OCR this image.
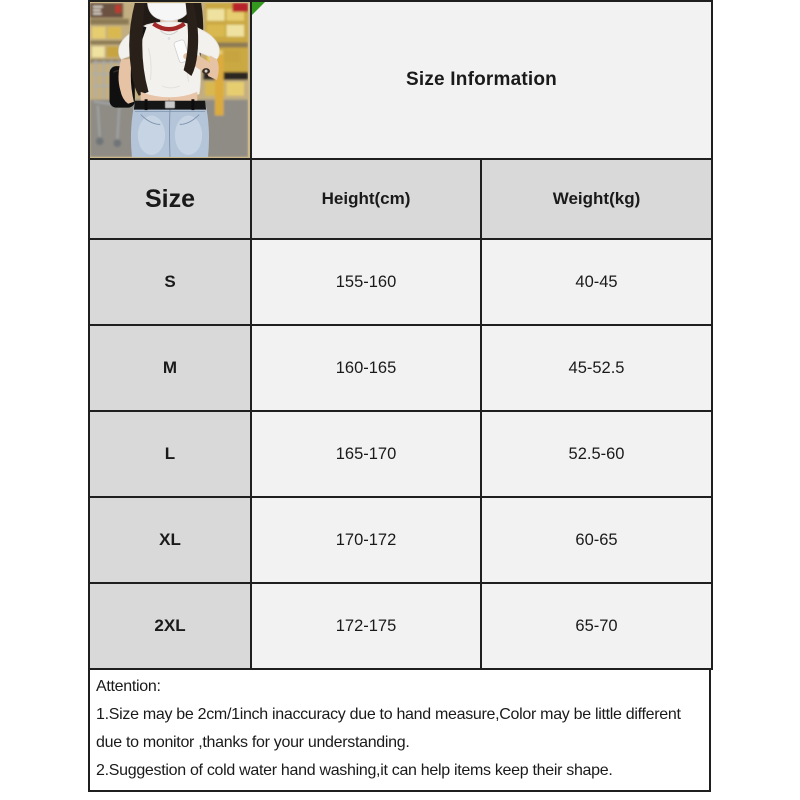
Size Information	
Size	Height(cm)	Weight(kg)
S	155-160	40-45
M	160-165	45-52.5
L	165-170	52.5-60
XL	170-172	60-65
2XL	172-175	65-70
Attention:
1.Size may be 2cm/1inch inaccuracy due to hand measure,Color may be little different due to monitor ,thanks for your understanding.
2.Suggestion of cold water hand washing,it can help items keep their shape.
